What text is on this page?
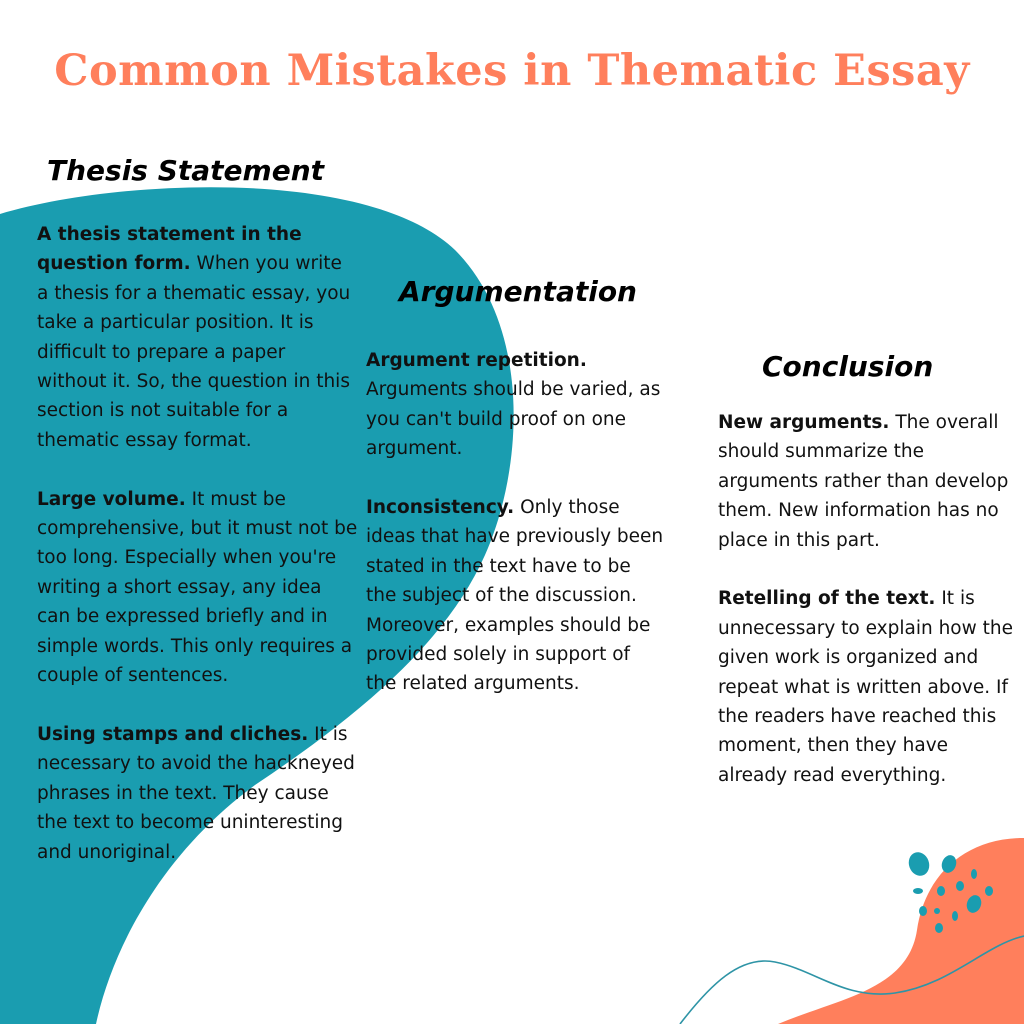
Common Mistakes in Thematic Essay
Thesis Statement

A thesis statement in the question form. When you write a thesis for a thematic essay, you take a particular position. It is difficult to prepare a paper without it. So, the question in this section is not suitable for a thematic essay format.

Large volume. It must be comprehensive, but it must not be too long. Especially when you're writing a short essay, any idea can be expressed briefly and in simple words. This only requires a couple of sentences.

Using stamps and cliches. It is necessary to avoid the hackneyed phrases in the text. They cause the text to become uninteresting and unoriginal.

Argumentation

Argument repetition. Arguments should be varied, as you can't build proof on one argument.

Inconsistency. Only those ideas that have previously been stated in the text have to be the subject of the discussion. Moreover, examples should be provided solely in support of the related arguments.

Conclusion

New arguments. The overall should summarize the arguments rather than develop them. New information has no place in this part.

Retelling of the text. It is unnecessary to explain how the given work is organized and repeat what is written above. If the readers have reached this moment, then they have already read everything.
